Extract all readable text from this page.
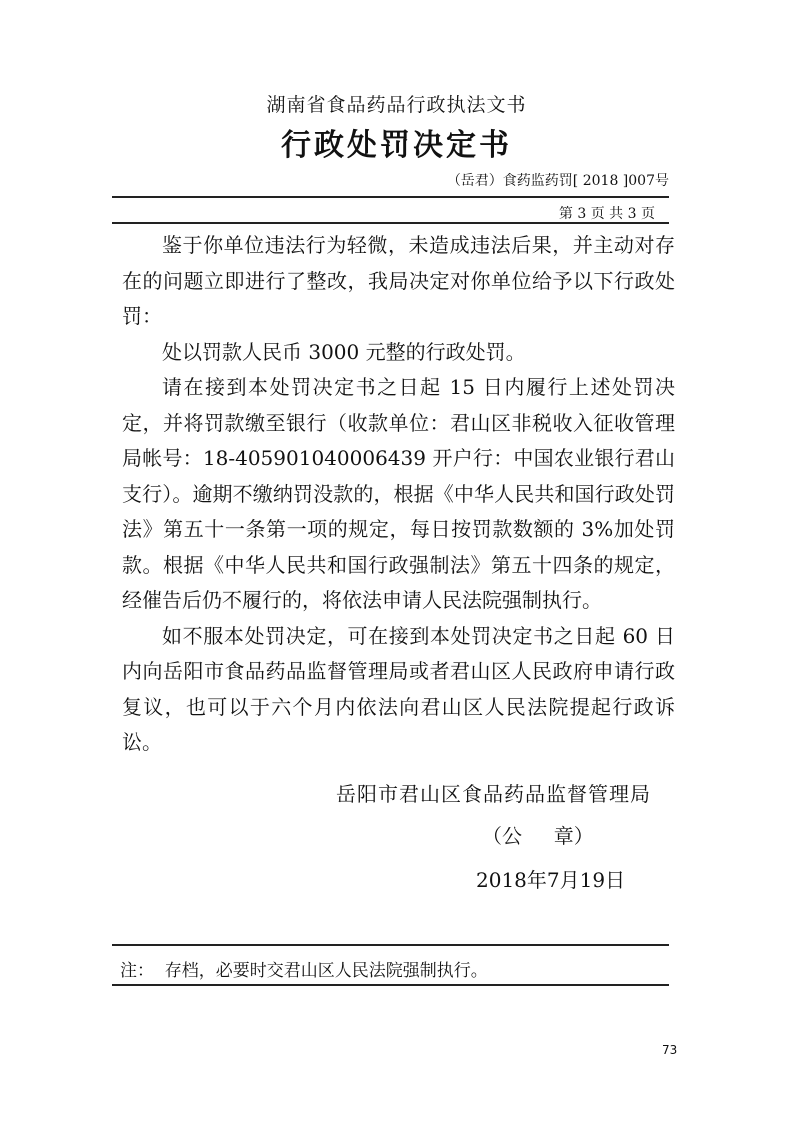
湖南省食品药品行政执法文书
行政处罚决定书
（岳君）食药监药罚[ 2018 ]007号
第 3 页 共 3 页

鉴于你单位违法行为轻微，未造成违法后果，并主动对存在的问题立即进行了整改，我局决定对你单位给予以下行政处罚：

处以罚款人民币 3000 元整的行政处罚。

请在接到本处罚决定书之日起 15 日内履行上述处罚决定，并将罚款缴至银行（收款单位：君山区非税收入征收管理局帐号：18-405901040006439 开户行：中国农业银行君山支行）。逾期不缴纳罚没款的，根据《中华人民共和国行政处罚法》第五十一条第一项的规定，每日按罚款数额的 3%加处罚款。根据《中华人民共和国行政强制法》第五十四条的规定，经催告后仍不履行的，将依法申请人民法院强制执行。

如不服本处罚决定，可在接到本处罚决定书之日起 60 日内向岳阳市食品药品监督管理局或者君山区人民政府申请行政复议，也可以于六个月内依法向君山区人民法院提起行政诉讼。

岳阳市君山区食品药品监督管理局
（公     章）
2018年7月19日
注：  存档，必要时交君山区人民法院强制执行。
73
